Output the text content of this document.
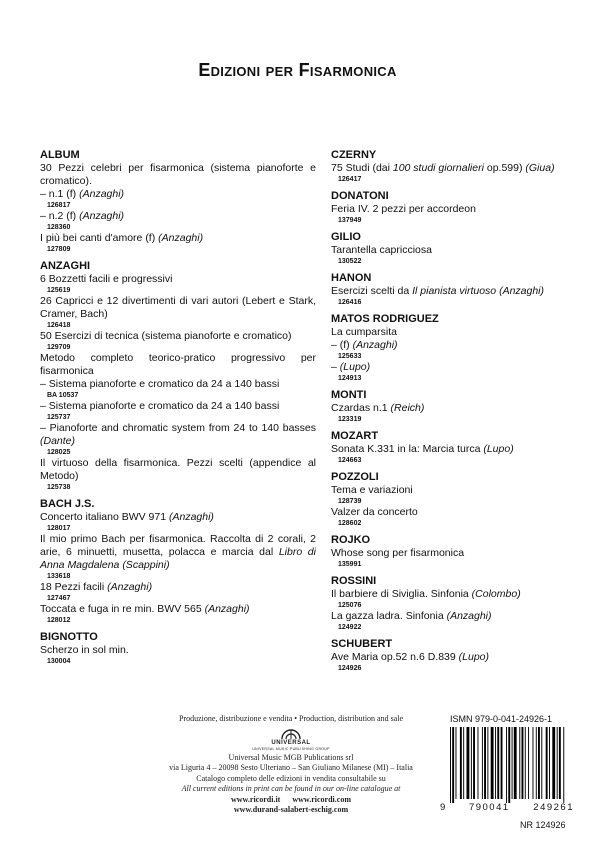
Edizioni per Fisarmonica
ALBUM
30 Pezzi celebri per fisarmonica (sistema pianoforte e cromatico).
– n.1 (f) (Anzaghi)
126817
– n.2 (f) (Anzaghi)
128360
I più bei canti d'amore (f) (Anzaghi)
127809
ANZAGHI
6 Bozzetti facili e progressivi
125619
26 Capricci e 12 divertimenti di vari autori (Lebert e Stark, Cramer, Bach)
126418
50 Esercizi di tecnica (sistema pianoforte e cromatico)
129709
Metodo completo teorico-pratico progressivo per fisarmonica
– Sistema pianoforte e cromatico da 24 a 140 bassi
BA 10537
– Sistema pianoforte e cromatico da 24 a 140 bassi
125737
– Pianoforte and chromatic system from 24 to 140 basses (Dante)
128025
Il virtuoso della fisarmonica. Pezzi scelti (appendice al Metodo)
125738
BACH J.S.
Concerto italiano BWV 971 (Anzaghi)
128017
Il mio primo Bach per fisarmonica. Raccolta di 2 corali, 2 arie, 6 minuetti, musetta, polacca e marcia dal Libro di Anna Magdalena (Scappini)
133618
18 Pezzi facili (Anzaghi)
127467
Toccata e fuga in re min. BWV 565 (Anzaghi)
128012
BIGNOTTO
Scherzo in sol min.
130004
CZERNY
75 Studi (dai 100 studi giornalieri op.599) (Giua)
126417
DONATONI
Feria IV. 2 pezzi per accordeon
137949
GILIO
Tarantella capricciosa
130522
HANON
Esercizi scelti da Il pianista virtuoso (Anzaghi)
126416
MATOS RODRIGUEZ
La cumparsita
– (f) (Anzaghi)
125633
– (Lupo)
124913
MONTI
Czardas n.1 (Reich)
123319
MOZART
Sonata K.331 in la: Marcia turca (Lupo)
124663
POZZOLI
Tema e variazioni
128739
Valzer da concerto
128602
ROJKO
Whose song per fisarmonica
135991
ROSSINI
Il barbiere di Siviglia. Sinfonia (Colombo)
125076
La gazza ladra. Sinfonia (Anzaghi)
124922
SCHUBERT
Ave Maria op.52 n.6 D.839 (Lupo)
124926
Produzione, distribuzione e vendita • Production, distribution and sale
UNIVERSAL
UNIVERSAL MUSIC PUBLISHING GROUP
Universal Music MGB Publications srl
via Liguria 4 – 20098 Sesto Ulteriano – San Giuliano Milanese (MI) – Italia
Catalogo completo delle edizioni in vendita consultabile su
All current editions in print can be found in our on-line catalogue at
www.ricordi.it www.ricordi.com
www.durand-salabert-eschig.com
ISMN 979-0-041-24926-1
9 790041 249261
NR 124926
